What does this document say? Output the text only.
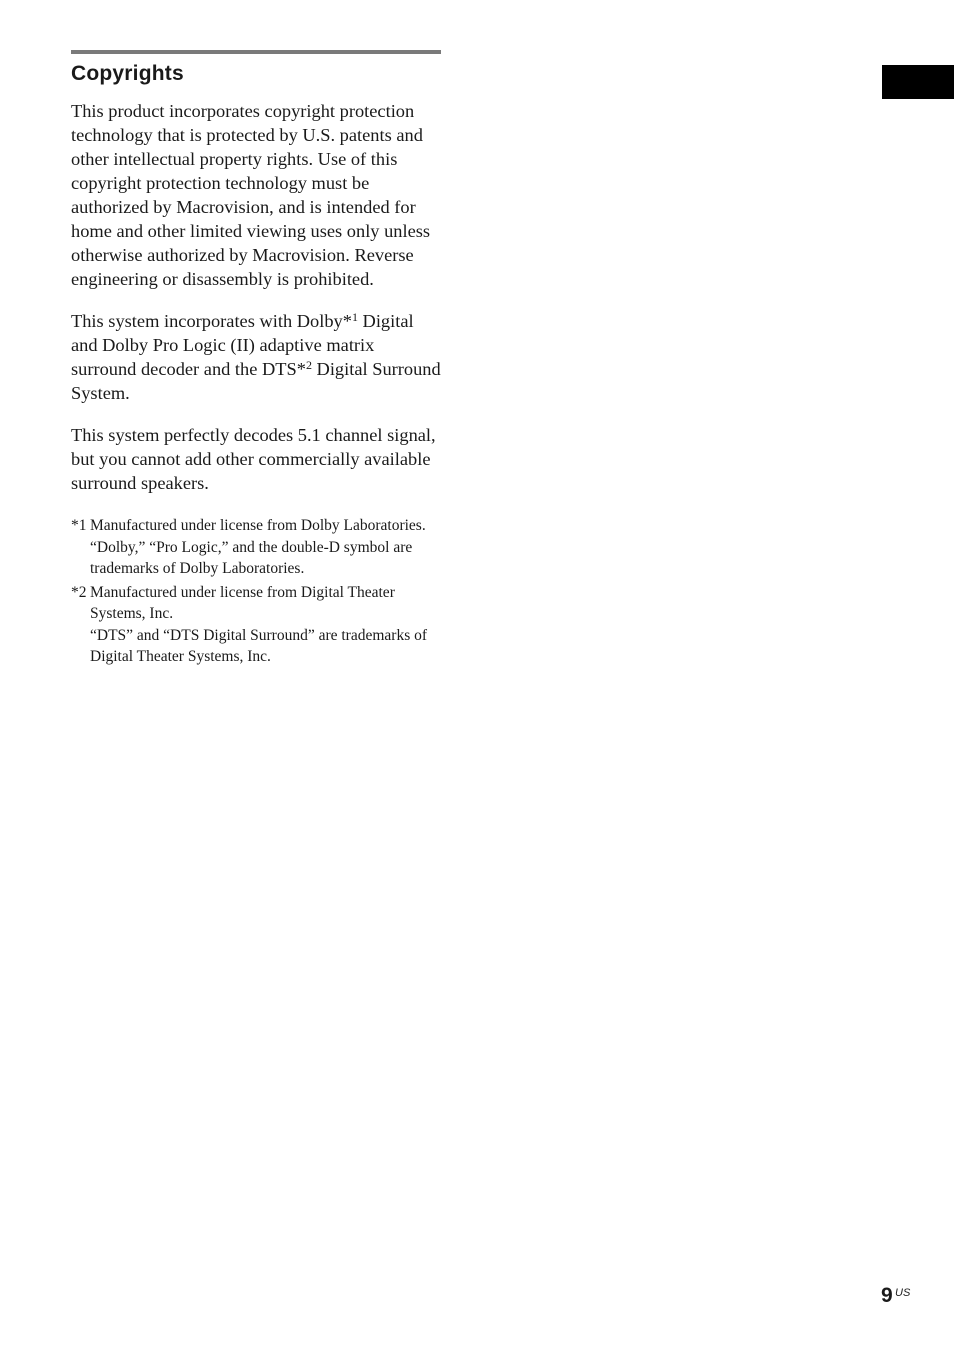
Copyrights

This product incorporates copyright protection technology that is protected by U.S. patents and other intellectual property rights. Use of this copyright protection technology must be authorized by Macrovision, and is intended for home and other limited viewing uses only unless otherwise authorized by Macrovision. Reverse engineering or disassembly is prohibited.

This system incorporates with Dolby*$^1$ Digital and Dolby Pro Logic (II) adaptive matrix surround decoder and the DTS*$^2$ Digital Surround System.

This system perfectly decodes 5.1 channel signal, but you cannot add other commercially available surround speakers.

*1 Manufactured under license from Dolby Laboratories.
“Dolby,” “Pro Logic,” and the double-D symbol are trademarks of Dolby Laboratories.
*2 Manufactured under license from Digital Theater Systems, Inc.
“DTS” and “DTS Digital Surround” are trademarks of Digital Theater Systems, Inc.
9 US
